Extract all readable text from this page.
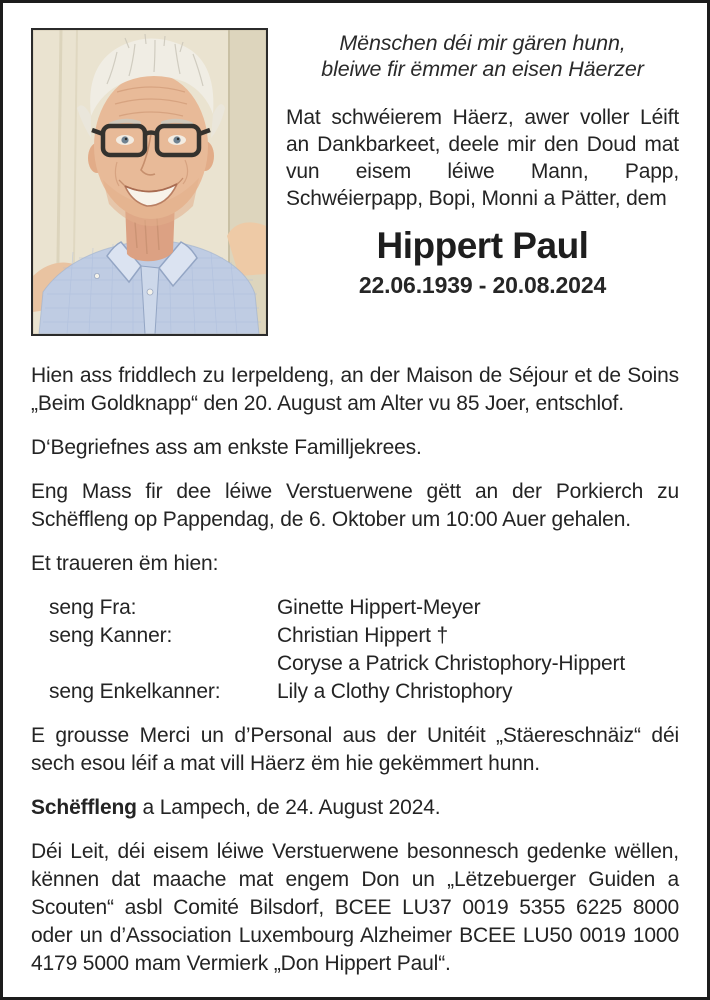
Mënschen déi mir gären hunn,
bleiwe fir ëmmer an eisen Häerzer

Mat schwéierem Häerz, awer voller Léift an Dankbarkeet, deele mir den Doud mat vun eisem léiwe Mann, Papp, Schwéierpapp, Bopi, Monni a Pätter, dem

Hippert Paul
22.06.1939 - 20.08.2024

Hien ass friddlech zu Ierpeldeng, an der Maison de Séjour et de Soins „Beim Goldknapp“ den 20. August am Alter vu 85 Joer, entschlof.

D‘Begriefnes ass am enkste Familljekrees.

Eng Mass fir dee léiwe Verstuerwene gëtt an der Porkierch zu Schëffleng op Pappendag, de 6. Oktober um 10:00 Auer gehalen.

Et traueren ëm hien:

seng Fra:	Ginette Hippert-Meyer
seng Kanner:	Christian Hippert †
Coryse a Patrick Christophory-Hippert
seng Enkelkanner:	Lily a Clothy Christophory

E grousse Merci un d’Personal aus der Unitéit „Stäereschnäiz“ déi sech esou léif a mat vill Häerz ëm hie gekëmmert hunn.

Schëffleng a Lampech, de 24. August 2024.

Déi Leit, déi eisem léiwe Verstuerwene besonnesch gedenke wëllen, kënnen dat maache mat engem Don un „Lëtzebuerger Guiden a Scouten“ asbl Comité Bilsdorf, BCEE LU37 0019 5355 6225 8000 oder un d’Association Luxembourg Alzheimer BCEE LU50 0019 1000 4179 5000 mam Vermierk „Don Hippert Paul“.
